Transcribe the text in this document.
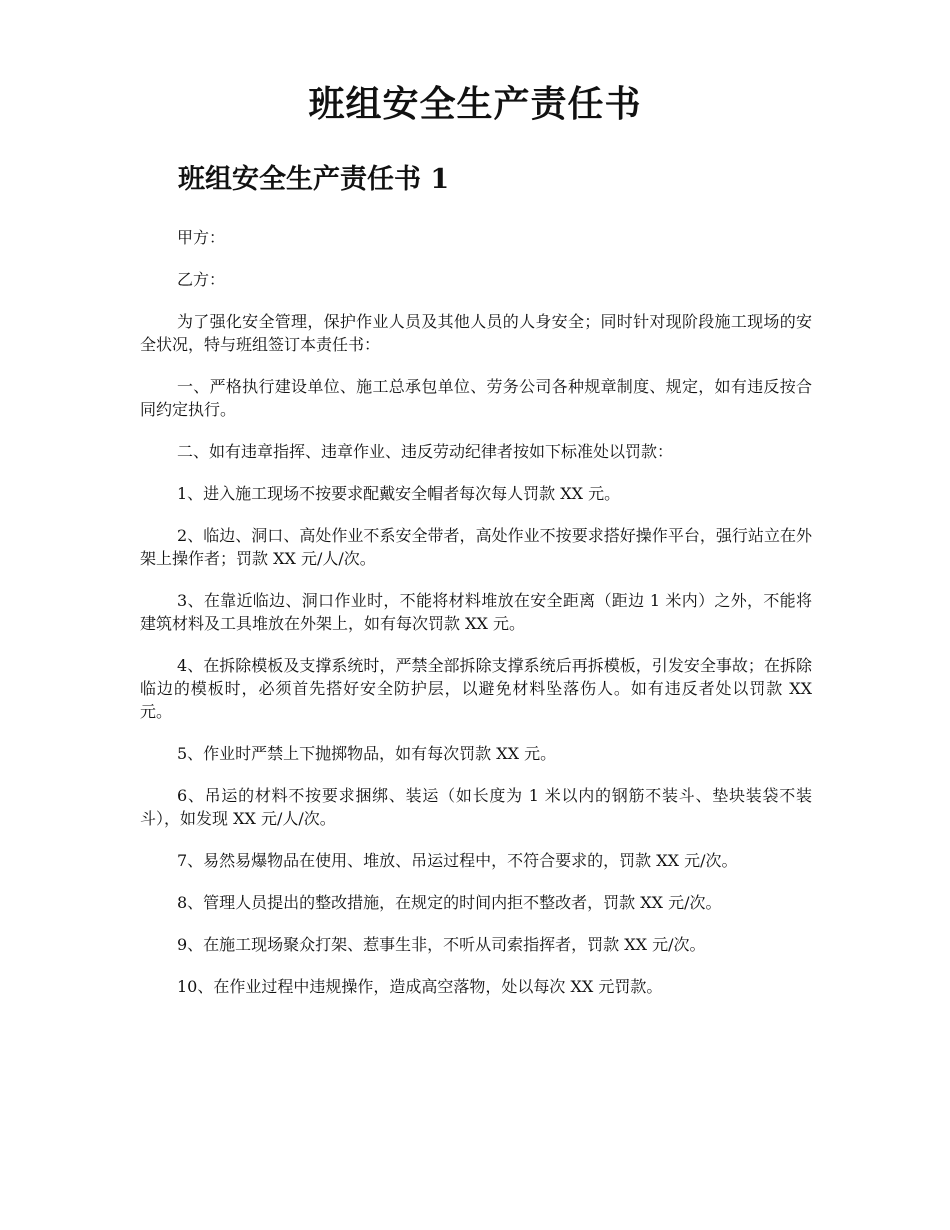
班组安全生产责任书
班组安全生产责任书 1

甲方：

乙方：

为了强化安全管理，保护作业人员及其他人员的人身安全；同时针对现阶段施工现场的安全状况，特与班组签订本责任书：

一、严格执行建设单位、施工总承包单位、劳务公司各种规章制度、规定，如有违反按合同约定执行。

二、如有违章指挥、违章作业、违反劳动纪律者按如下标准处以罚款：

1、进入施工现场不按要求配戴安全帽者每次每人罚款 XX 元。

2、临边、洞口、高处作业不系安全带者，高处作业不按要求搭好操作平台，强行站立在外架上操作者；罚款 XX 元/人/次。

3、在靠近临边、洞口作业时，不能将材料堆放在安全距离（距边 1 米内）之外，不能将建筑材料及工具堆放在外架上，如有每次罚款 XX 元。

4、在拆除模板及支撑系统时，严禁全部拆除支撑系统后再拆模板，引发安全事故；在拆除临边的模板时，必须首先搭好安全防护层，以避免材料坠落伤人。如有违反者处以罚款 XX 元。

5、作业时严禁上下抛掷物品，如有每次罚款 XX 元。

6、吊运的材料不按要求捆绑、装运（如长度为 1 米以内的钢筋不装斗、垫块装袋不装斗），如发现 XX 元/人/次。

7、易然易爆物品在使用、堆放、吊运过程中，不符合要求的，罚款 XX 元/次。

8、管理人员提出的整改措施，在规定的时间内拒不整改者，罚款 XX 元/次。

9、在施工现场聚众打架、惹事生非，不听从司索指挥者，罚款 XX 元/次。

10、在作业过程中违规操作，造成高空落物，处以每次 XX 元罚款。
